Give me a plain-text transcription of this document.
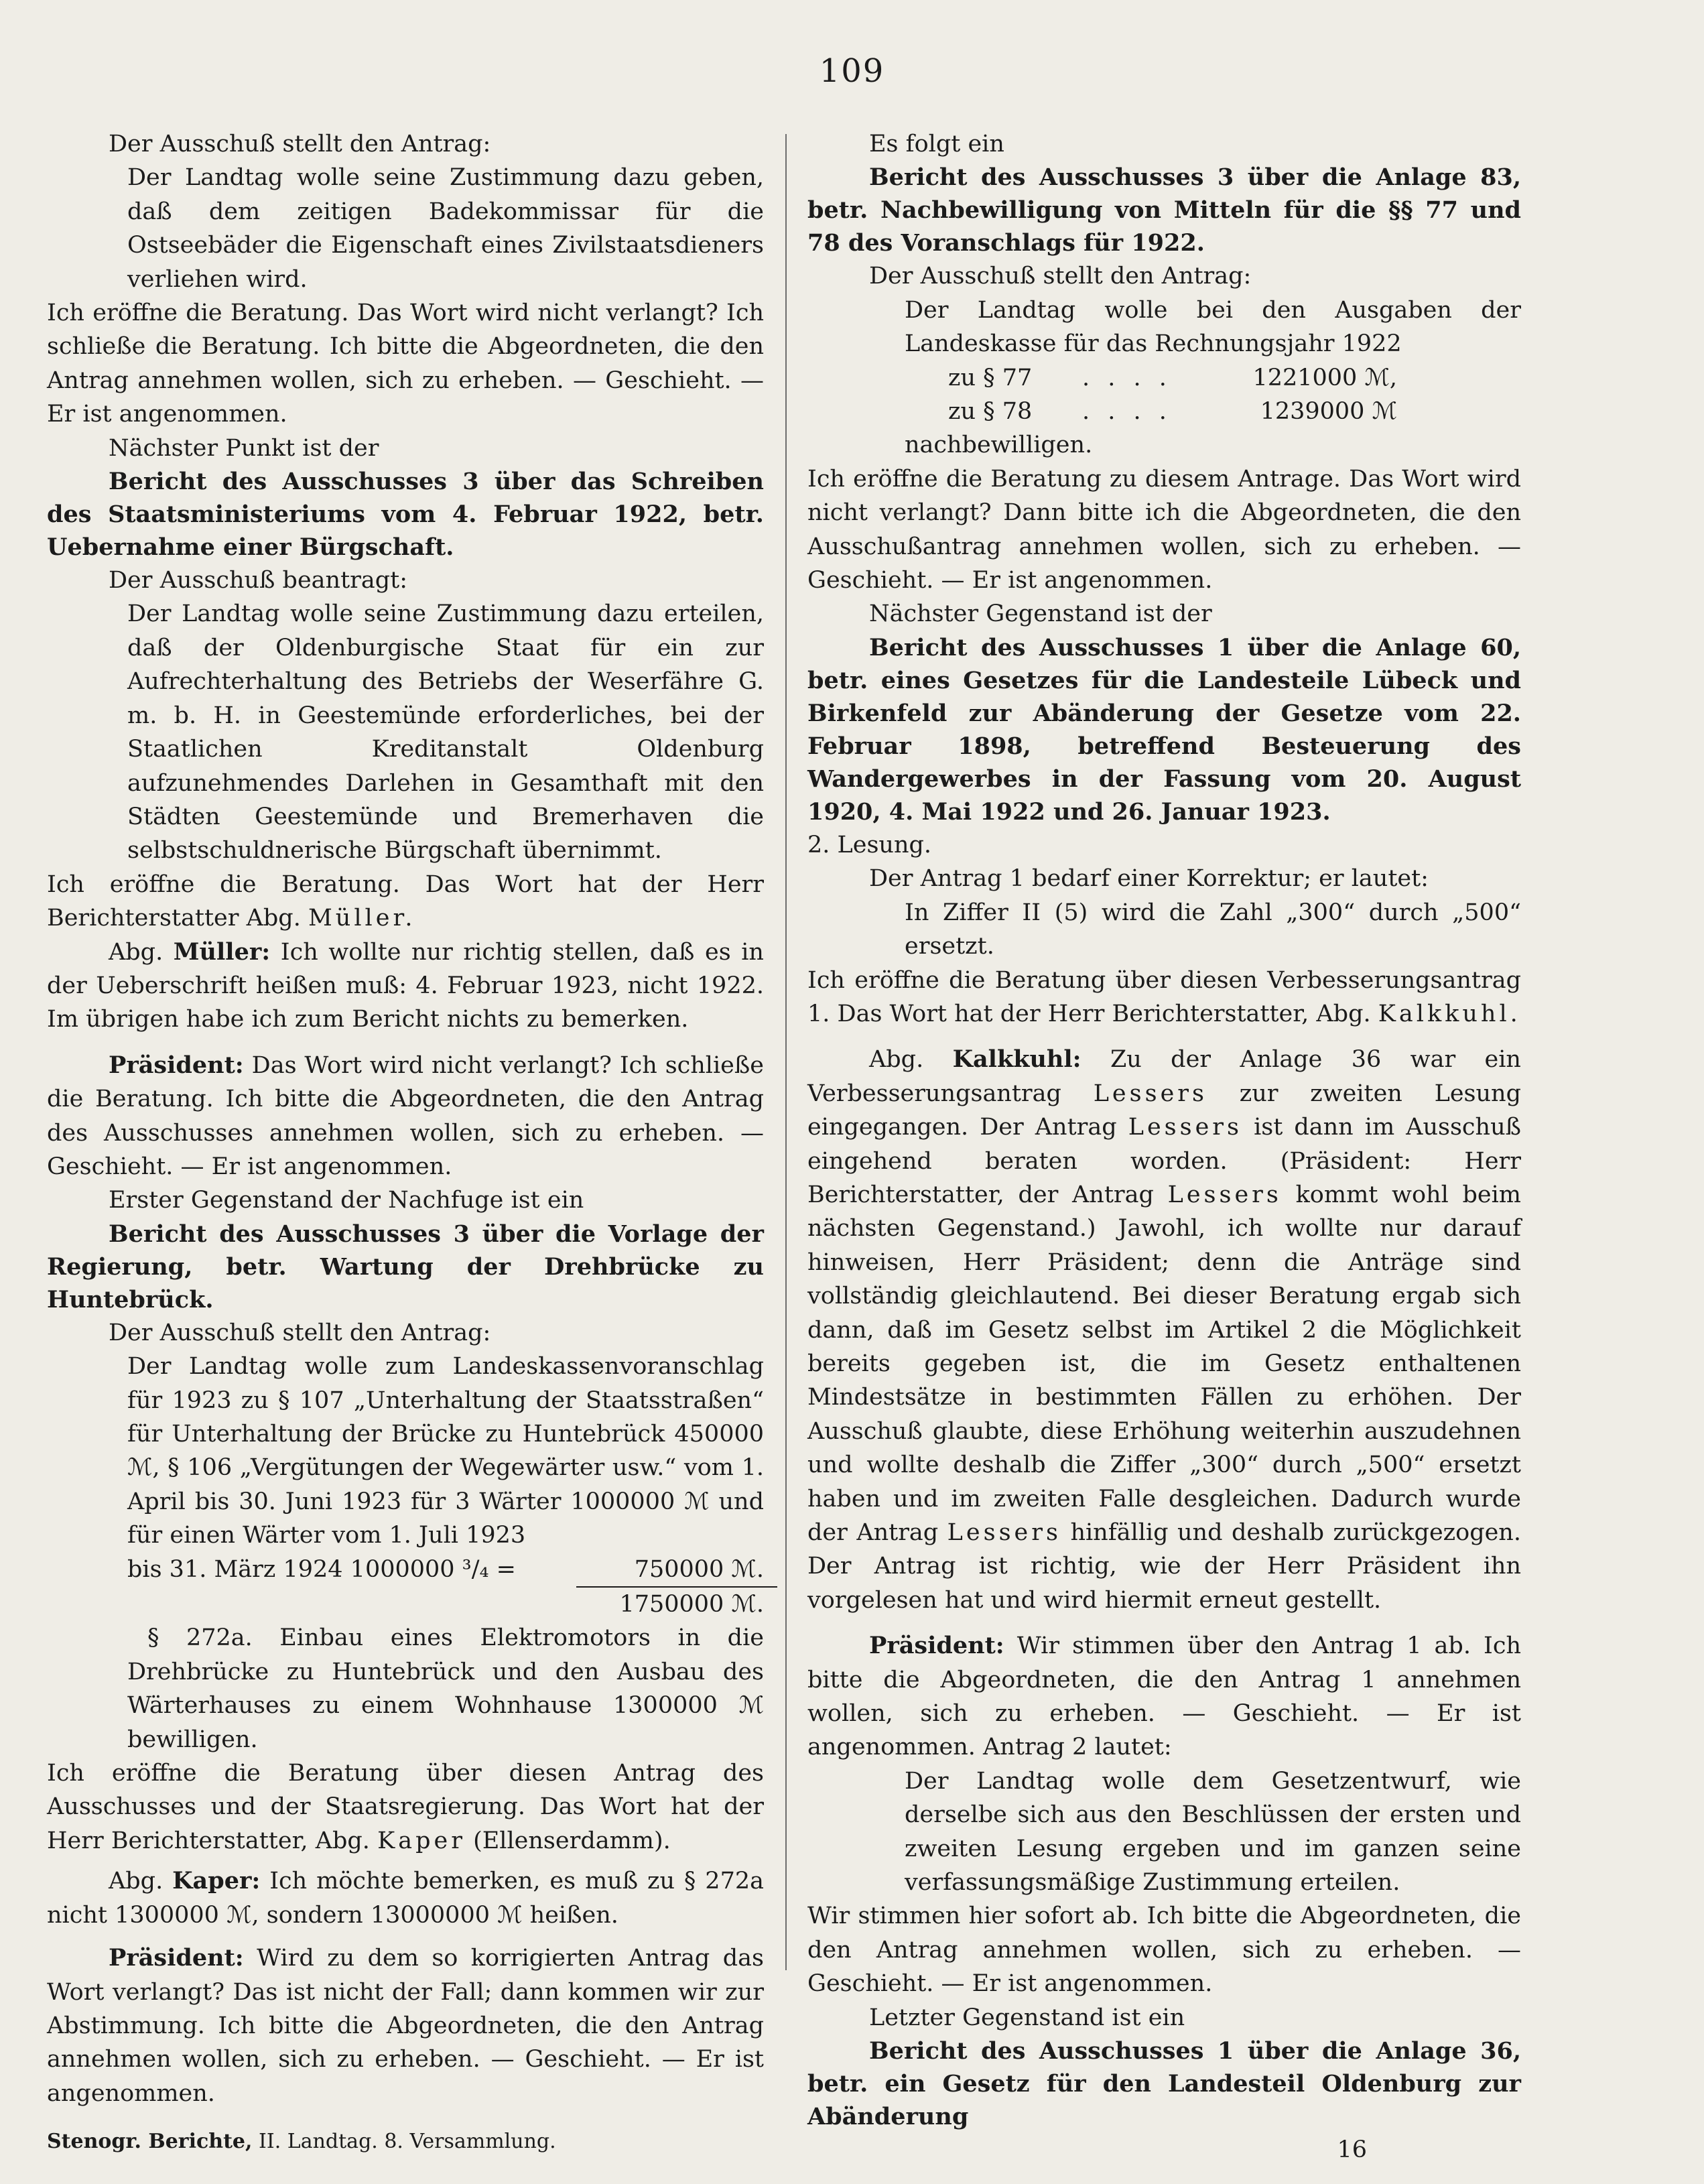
109

Der Ausschuß stellt den Antrag:

Der Landtag wolle seine Zustimmung dazu geben, daß dem zeitigen Badekommissar für die Ostseebäder die Eigenschaft eines Zivilstaatsdieners verliehen wird.

Ich eröffne die Beratung. Das Wort wird nicht verlangt? Ich schließe die Beratung. Ich bitte die Abgeordneten, die den Antrag annehmen wollen, sich zu erheben. — Geschieht. — Er ist angenommen.

Nächster Punkt ist der

Bericht des Ausschusses 3 über das Schreiben des Staatsministeriums vom 4. Februar 1922, betr. Uebernahme einer Bürgschaft.

Der Ausschuß beantragt:

Der Landtag wolle seine Zustimmung dazu erteilen, daß der Oldenburgische Staat für ein zur Aufrechterhaltung des Betriebs der Weserfähre G. m. b. H. in Geestemünde erforderliches, bei der Staatlichen Kreditanstalt Oldenburg aufzunehmendes Darlehen in Gesamthaft mit den Städten Geestemünde und Bremerhaven die selbstschuldnerische Bürgschaft übernimmt.

Ich eröffne die Beratung. Das Wort hat der Herr Berichterstatter Abg. Müller.

Abg. Müller: Ich wollte nur richtig stellen, daß es in der Ueberschrift heißen muß: 4. Februar 1923, nicht 1922. Im übrigen habe ich zum Bericht nichts zu bemerken.

Präsident: Das Wort wird nicht verlangt? Ich schließe die Beratung. Ich bitte die Abgeordneten, die den Antrag des Ausschusses annehmen wollen, sich zu erheben. — Geschieht. — Er ist angenommen.

Erster Gegenstand der Nachfuge ist ein

Bericht des Ausschusses 3 über die Vorlage der Regierung, betr. Wartung der Drehbrücke zu Huntebrück.

Der Ausschuß stellt den Antrag:

Der Landtag wolle zum Landeskassenvoranschlag für 1923 zu § 107 „Unterhaltung der Staatsstraßen“ für Unterhaltung der Brücke zu Huntebrück 450000 ℳ, § 106 „Vergütungen der Wegewärter usw.“ vom 1. April bis 30. Juni 1923 für 3 Wärter 1000000 ℳ und für einen Wärter vom 1. Juli 1923

bis 31. März 1924 1000000 ³/₄ =	750000 ℳ.
1750000 ℳ.

§ 272a. Einbau eines Elektromotors in die Drehbrücke zu Huntebrück und den Ausbau des Wärterhauses zu einem Wohnhause 1300000 ℳ bewilligen.

Ich eröffne die Beratung über diesen Antrag des Ausschusses und der Staatsregierung. Das Wort hat der Herr Berichterstatter, Abg. Kaper (Ellenserdamm).

Abg. Kaper: Ich möchte bemerken, es muß zu § 272a nicht 1300000 ℳ, sondern 13000000 ℳ heißen.

Präsident: Wird zu dem so korrigierten Antrag das Wort verlangt? Das ist nicht der Fall; dann kommen wir zur Abstimmung. Ich bitte die Abgeordneten, die den Antrag annehmen wollen, sich zu erheben. — Geschieht. — Er ist angenommen.

Stenogr. Berichte, II. Landtag. 8. Versammlung.

Es folgt ein

Bericht des Ausschusses 3 über die Anlage 83, betr. Nachbewilligung von Mitteln für die §§ 77 und 78 des Voranschlags für 1922.

Der Ausschuß stellt den Antrag:

Der Landtag wolle bei den Ausgaben der Landeskasse für das Rechnungsjahr 1922

zu § 77	. . . .	1221000 ℳ,
zu § 78	. . . .	1239000 ℳ

nachbewilligen.

Ich eröffne die Beratung zu diesem Antrage. Das Wort wird nicht verlangt? Dann bitte ich die Abgeordneten, die den Ausschußantrag annehmen wollen, sich zu erheben. — Geschieht. — Er ist angenommen.

Nächster Gegenstand ist der

Bericht des Ausschusses 1 über die Anlage 60, betr. eines Gesetzes für die Landesteile Lübeck und Birkenfeld zur Abänderung der Gesetze vom 22. Februar 1898, betreffend Besteuerung des Wandergewerbes in der Fassung vom 20. August 1920, 4. Mai 1922 und 26. Januar 1923.

2. Lesung.

Der Antrag 1 bedarf einer Korrektur; er lautet:

In Ziffer II (5) wird die Zahl „300“ durch „500“ ersetzt.

Ich eröffne die Beratung über diesen Verbesserungsantrag 1. Das Wort hat der Herr Berichterstatter, Abg. Kalkkuhl.

Abg. Kalkkuhl: Zu der Anlage 36 war ein Verbesserungsantrag Lessers zur zweiten Lesung eingegangen. Der Antrag Lessers ist dann im Ausschuß eingehend beraten worden. (Präsident: Herr Berichterstatter, der Antrag Lessers kommt wohl beim nächsten Gegenstand.) Jawohl, ich wollte nur darauf hinweisen, Herr Präsident; denn die Anträge sind vollständig gleichlautend. Bei dieser Beratung ergab sich dann, daß im Gesetz selbst im Artikel 2 die Möglichkeit bereits gegeben ist, die im Gesetz enthaltenen Mindestsätze in bestimmten Fällen zu erhöhen. Der Ausschuß glaubte, diese Erhöhung weiterhin auszudehnen und wollte deshalb die Ziffer „300“ durch „500“ ersetzt haben und im zweiten Falle desgleichen. Dadurch wurde der Antrag Lessers hinfällig und deshalb zurückgezogen. Der Antrag ist richtig, wie der Herr Präsident ihn vorgelesen hat und wird hiermit erneut gestellt.

Präsident: Wir stimmen über den Antrag 1 ab. Ich bitte die Abgeordneten, die den Antrag 1 annehmen wollen, sich zu erheben. — Geschieht. — Er ist angenommen. Antrag 2 lautet:

Der Landtag wolle dem Gesetzentwurf, wie derselbe sich aus den Beschlüssen der ersten und zweiten Lesung ergeben und im ganzen seine verfassungsmäßige Zustimmung erteilen.

Wir stimmen hier sofort ab. Ich bitte die Abgeordneten, die den Antrag annehmen wollen, sich zu erheben. — Geschieht. — Er ist angenommen.

Letzter Gegenstand ist ein

Bericht des Ausschusses 1 über die Anlage 36, betr. ein Gesetz für den Landesteil Oldenburg zur Abänderung

16
